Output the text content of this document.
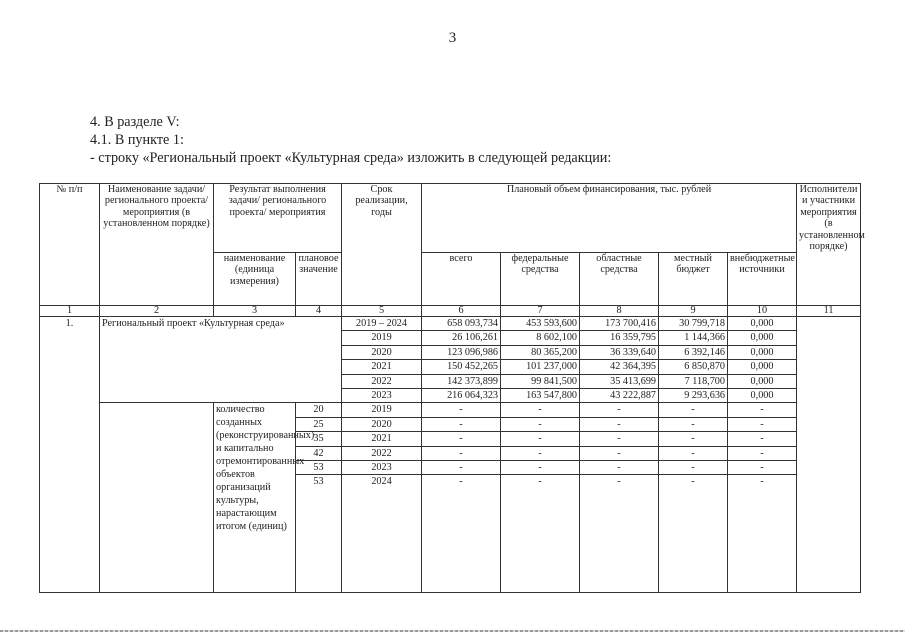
3
4. В разделе V:
4.1. В пункте 1:
- строку «Региональный проект «Культурная среда» изложить в следующей редакции:
№ п/п	Наименование задачи/ регионального проекта/ мероприятия (в установленном порядке)	Результат выполнения задачи/ регионального проекта/ мероприятия		Срок реализации, годы	Плановый объем финансирования, тыс. рублей					Исполнители и участники мероприятия (в установленном порядке)
		наименование (единица измерения)	плановое значение		всего	федеральные средства	областные средства	местный бюджет	внебюджетные источники	
1	2	3	4	5	6	7	8	9	10	11
1.	Региональный проект «Культурная среда»			2019 – 2024	658 093,734	453 593,600	173 700,416	30 799,718	0,000	
				2019	26 106,261	8 602,100	16 359,795	1 144,366	0,000	
				2020	123 096,986	80 365,200	36 339,640	6 392,146	0,000	
				2021	150 452,265	101 237,000	42 364,395	6 850,870	0,000	
				2022	142 373,899	99 841,500	35 413,699	7 118,700	0,000	
				2023	216 064,323	163 547,800	43 222,887	9 293,636	0,000	
		количество созданных (реконструированных) и капитально отремонтированных объектов организаций культуры, нарастающим итогом (единиц)	20	2019	-	-	-	-	-	
			25	2020	-	-	-	-	-	
			35	2021	-	-	-	-	-	
			42	2022	-	-	-	-	-	
			53	2023	-	-	-	-	-	
			53	2024	-	-	-	-	-	
